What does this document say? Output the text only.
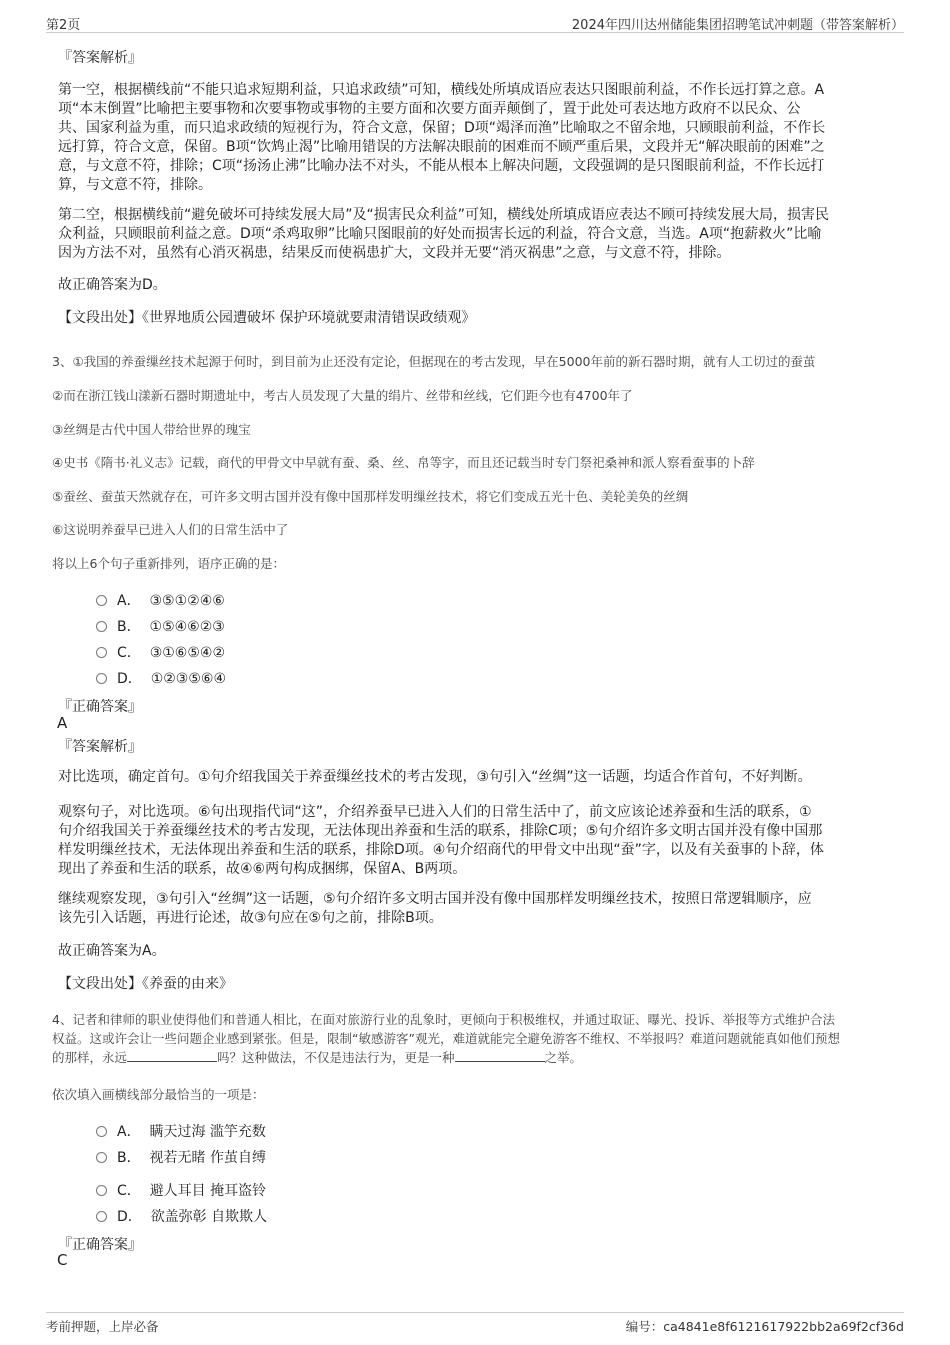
第2页	2024年四川达州储能集团招聘笔试冲刺题（带答案解析）
『答案解析』
第一空，根据横线前“不能只追求短期利益，只追求政绩”可知，横线处所填成语应表达只图眼前利益，不作长远打算之意。A
项“本末倒置”比喻把主要事物和次要事物或事物的主要方面和次要方面弄颠倒了，置于此处可表达地方政府不以民众、公
共、国家利益为重，而只追求政绩的短视行为，符合文意，保留；D项“竭泽而渔”比喻取之不留余地，只顾眼前利益，不作长
远打算，符合文意，保留。B项“饮鸩止渴”比喻用错误的方法解决眼前的困难而不顾严重后果，文段并无“解决眼前的困难”之
意，与文意不符，排除；C项“扬汤止沸”比喻办法不对头，不能从根本上解决问题，文段强调的是只图眼前利益，不作长远打
算，与文意不符，排除。
第二空，根据横线前“避免破坏可持续发展大局”及“损害民众利益”可知，横线处所填成语应表达不顾可持续发展大局，损害民
众利益，只顾眼前利益之意。D项“杀鸡取卵”比喻只图眼前的好处而损害长远的利益，符合文意，当选。A项“抱薪救火”比喻
因为方法不对，虽然有心消灭祸患，结果反而使祸患扩大，文段并无要“消灭祸患”之意，与文意不符，排除。
故正确答案为D。
【文段出处】《世界地质公园遭破坏 保护环境就要肃清错误政绩观》
3、①我国的养蚕缫丝技术起源于何时，到目前为止还没有定论，但据现在的考古发现，早在5000年前的新石器时期，就有人工切过的蚕茧
②而在浙江钱山漾新石器时期遗址中，考古人员发现了大量的绢片、丝带和丝线，它们距今也有4700年了
③丝绸是古代中国人带给世界的瑰宝
④史书《隋书·礼义志》记载，商代的甲骨文中早就有蚕、桑、丝、帛等字，而且还记载当时专门祭祀桑神和派人察看蚕事的卜辞
⑤蚕丝、蚕茧天然就存在，可许多文明古国并没有像中国那样发明缫丝技术，将它们变成五光十色、美轮美奂的丝绸
⑥这说明养蚕早已进入人们的日常生活中了
将以上6个句子重新排列，语序正确的是：
A． ③⑤①②④⑥
B． ①⑤④⑥②③
C． ③①⑥⑤④②
D． ①②③⑤⑥④
『正确答案』
A
『答案解析』
对比选项，确定首句。①句介绍我国关于养蚕缫丝技术的考古发现，③句引入“丝绸”这一话题，均适合作首句，不好判断。
观察句子，对比选项。⑥句出现指代词“这”，介绍养蚕早已进入人们的日常生活中了，前文应该论述养蚕和生活的联系，①
句介绍我国关于养蚕缫丝技术的考古发现，无法体现出养蚕和生活的联系，排除C项；⑤句介绍许多文明古国并没有像中国那
样发明缫丝技术，无法体现出养蚕和生活的联系，排除D项。④句介绍商代的甲骨文中出现“蚕”字，以及有关蚕事的卜辞，体
现出了养蚕和生活的联系，故④⑥两句构成捆绑，保留A、B两项。
继续观察发现，③句引入“丝绸”这一话题，⑤句介绍许多文明古国并没有像中国那样发明缫丝技术，按照日常逻辑顺序，应
该先引入话题，再进行论述，故③句应在⑤句之前，排除B项。
故正确答案为A。
【文段出处】《养蚕的由来》
4、记者和律师的职业使得他们和普通人相比，在面对旅游行业的乱象时，更倾向于积极维权，并通过取证、曝光、投诉、举报等方式维护合法
权益。这或许会让一些问题企业感到紧张。但是，限制“敏感游客”观光，难道就能完全避免游客不维权、不举报吗？难道问题就能真如他们预想
的那样，永远	吗？这种做法，不仅是违法行为，更是一种	之举。
依次填入画横线部分最恰当的一项是：
A． 瞒天过海 滥竽充数
B． 视若无睹 作茧自缚
C． 避人耳目 掩耳盗铃
D． 欲盖弥彰 自欺欺人
『正确答案』
C
考前押题，上岸必备	编号：ca4841e8f6121617922bb2a69f2cf36d
